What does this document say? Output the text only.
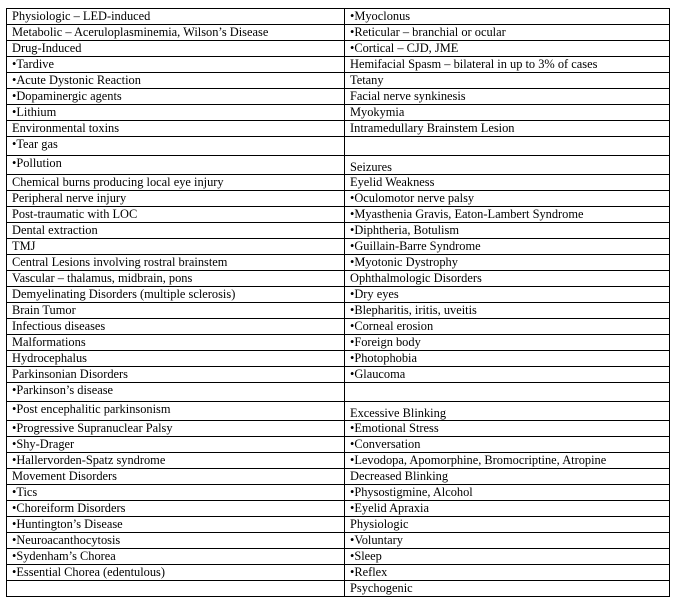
Physiologic – LED-induced	•Myoclonus
Metabolic – Aceruloplasminemia, Wilson’s Disease	•Reticular – branchial or ocular
Drug-Induced	•Cortical – CJD, JME
•Tardive	Hemifacial Spasm – bilateral in up to 3% of cases
•Acute Dystonic Reaction	Tetany
•Dopaminergic agents	Facial nerve synkinesis
•Lithium	Myokymia
Environmental toxins	Intramedullary Brainstem Lesion
•Tear gas	
•Pollution	Seizures
Chemical burns producing local eye injury	Eyelid Weakness
Peripheral nerve injury	•Oculomotor nerve palsy
Post-traumatic with LOC	•Myasthenia Gravis, Eaton-Lambert Syndrome
Dental extraction	•Diphtheria, Botulism
TMJ	•Guillain-Barre Syndrome
Central Lesions involving rostral brainstem	•Myotonic Dystrophy
Vascular – thalamus, midbrain, pons	Ophthalmologic Disorders
Demyelinating Disorders (multiple sclerosis)	•Dry eyes
Brain Tumor	•Blepharitis, iritis, uveitis
Infectious diseases	•Corneal erosion
Malformations	•Foreign body
Hydrocephalus	•Photophobia
Parkinsonian Disorders	•Glaucoma
•Parkinson’s disease	
•Post encephalitic parkinsonism	Excessive Blinking
•Progressive Supranuclear Palsy	•Emotional Stress
•Shy-Drager	•Conversation
•Hallervorden-Spatz syndrome	•Levodopa, Apomorphine, Bromocriptine, Atropine
Movement Disorders	Decreased Blinking
•Tics	•Physostigmine, Alcohol
•Choreiform Disorders	•Eyelid Apraxia
•Huntington’s Disease	Physiologic
•Neuroacanthocytosis	•Voluntary
•Sydenham’s Chorea	•Sleep
•Essential Chorea (edentulous)	•Reflex
	Psychogenic
